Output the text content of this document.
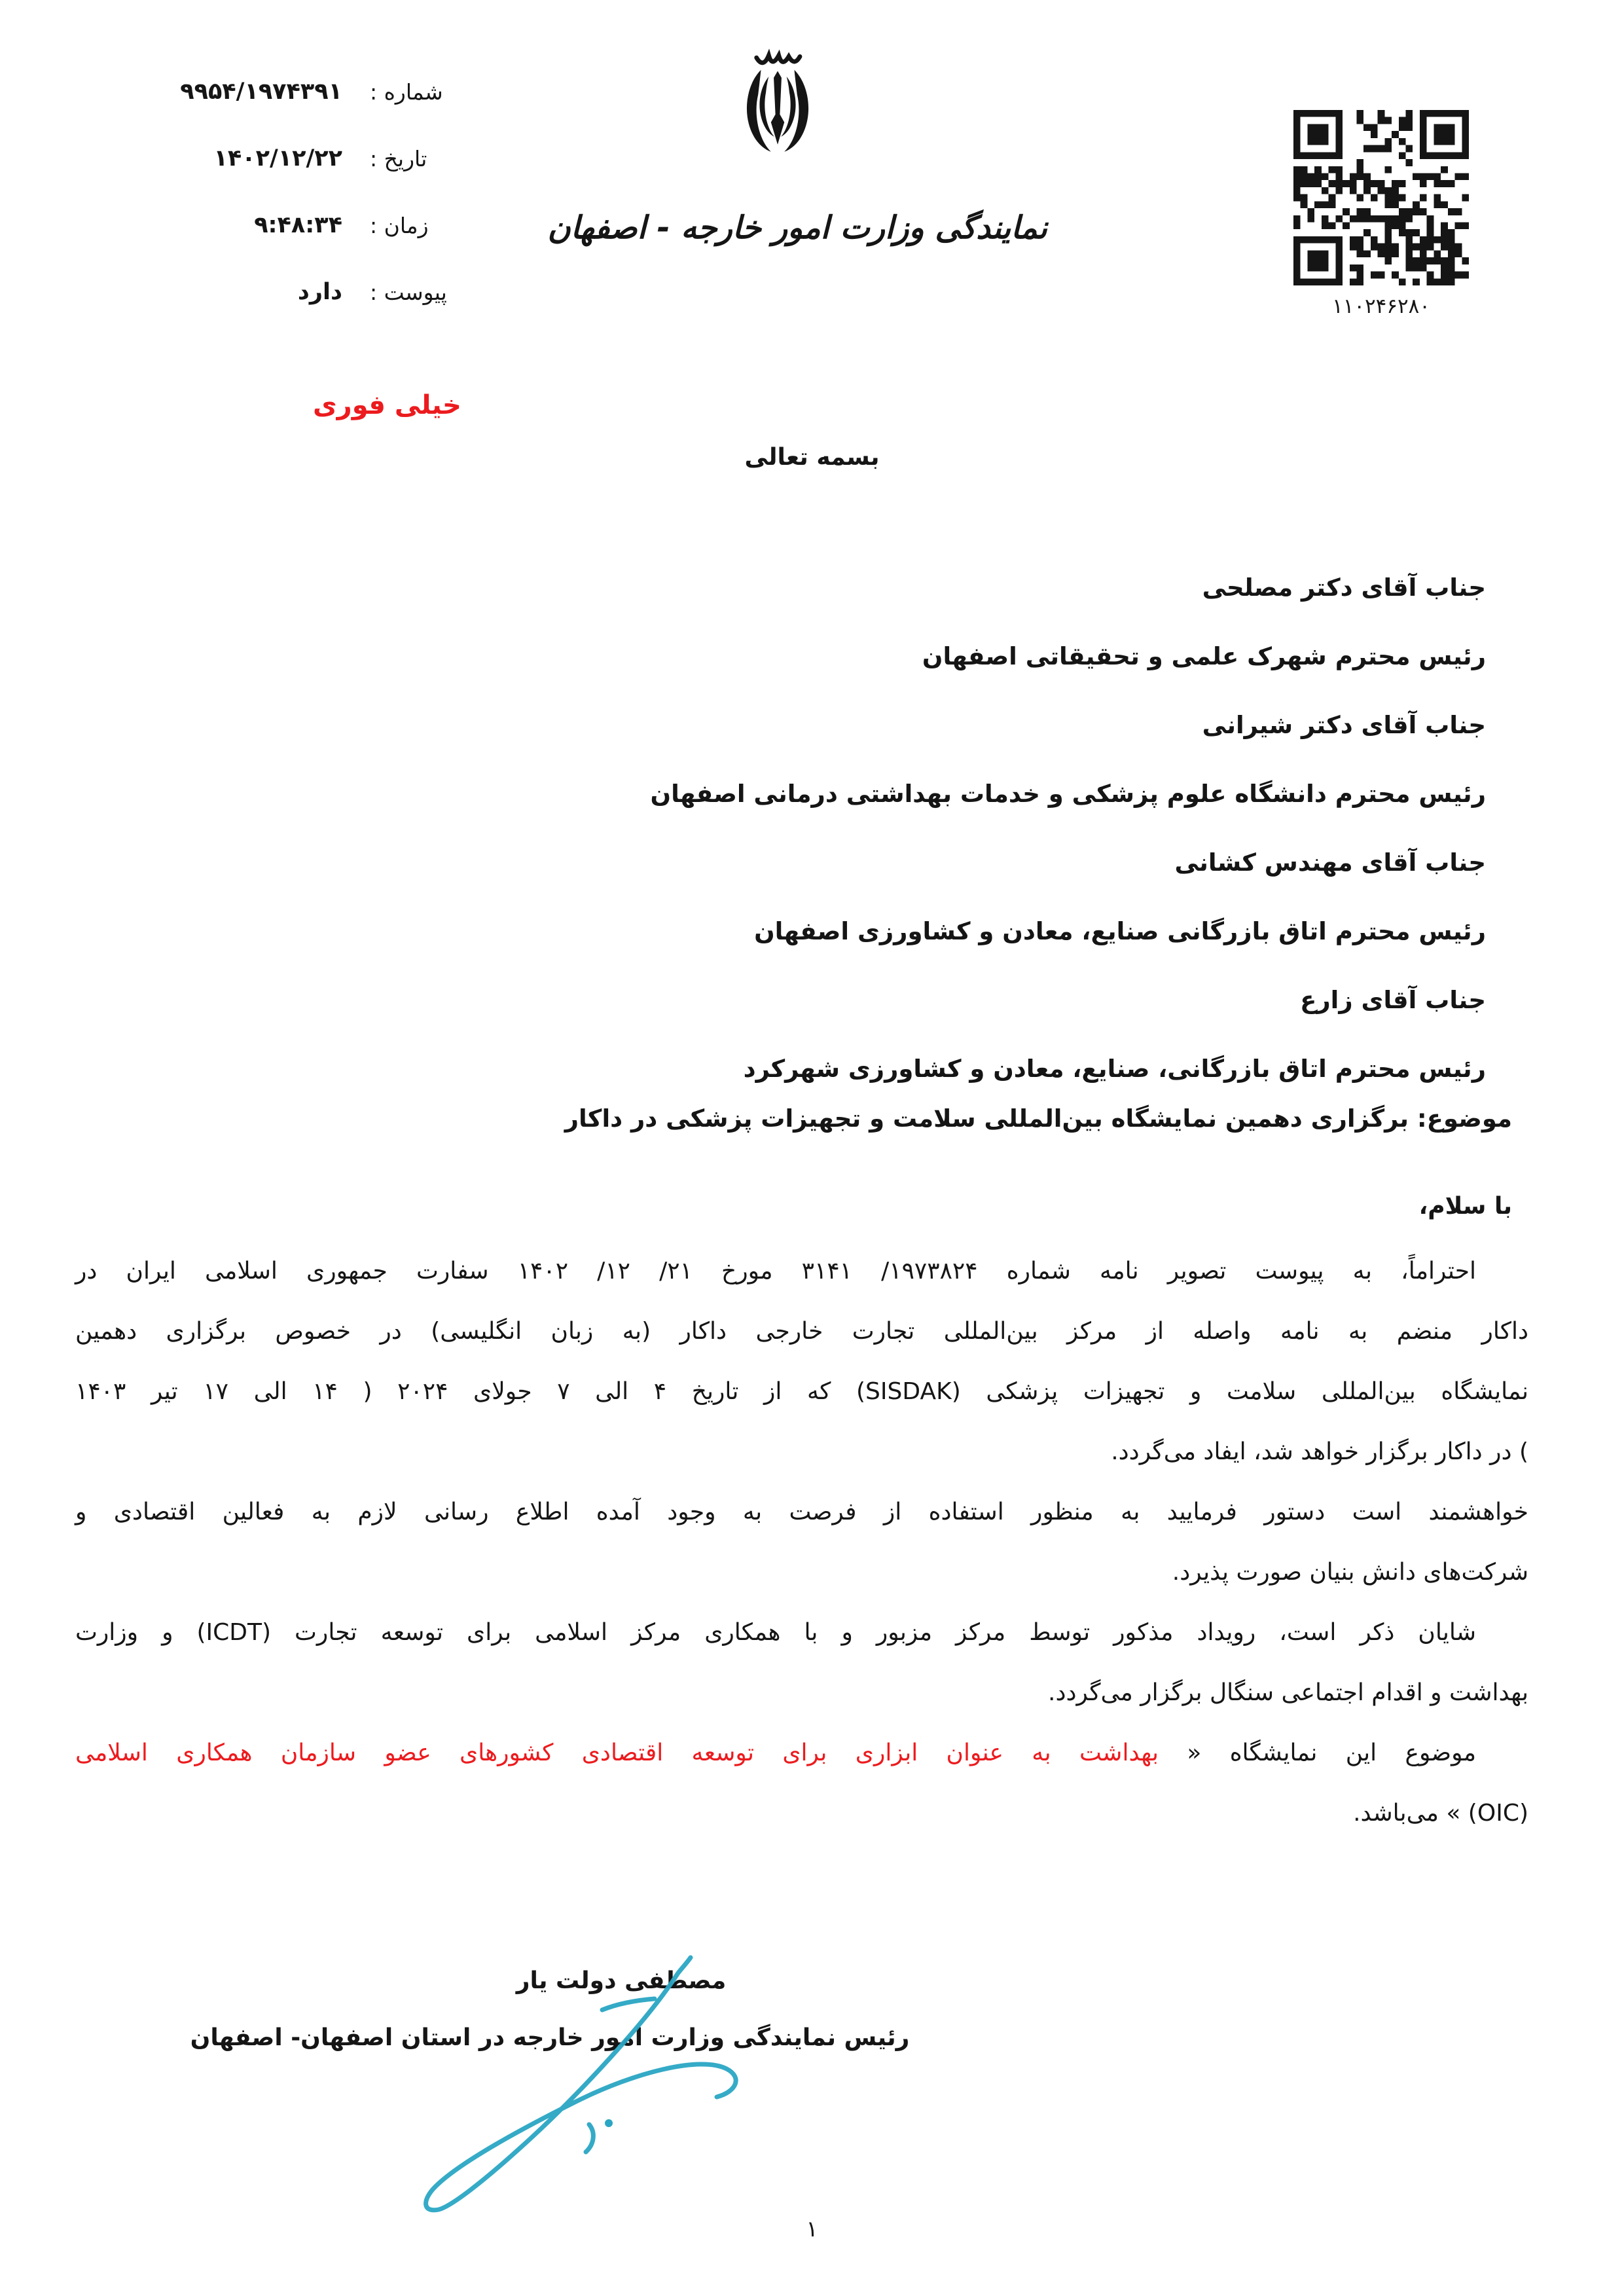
شماره :
۹۹۵۴/۱۹۷۴۳۹۱
تاریخ :
۱۴۰۲/۱۲/۲۲
زمان :
۹:۴۸:۳۴
پیوست :
دارد
نمایندگی وزارت امور خارجه - اصفهان
۱۱۰۲۴۶۲۸۰
خیلی فوری
بسمه تعالی
جناب آقای دکتر مصلحی
رئیس محترم شهرک علمی و تحقیقاتی اصفهان
جناب آقای دکتر شیرانی
رئیس محترم دانشگاه علوم پزشکی و خدمات بهداشتی درمانی اصفهان
جناب آقای مهندس کشانی
رئیس محترم اتاق بازرگانی صنایع، معادن و کشاورزی اصفهان
جناب آقای زارع
رئیس محترم اتاق بازرگانی، صنایع، معادن و کشاورزی شهرکرد
موضوع: برگزاری دهمین نمایشگاه بین‌المللی سلامت و تجهیزات پزشکی در داکار
با سلام،
احتراماً، به پیوست تصویر نامه شماره ۱۹۷۳۸۲۴/ ۳۱۴۱ مورخ ۲۱/ ۱۲/ ۱۴۰۲ سفارت جمهوری اسلامی ایران در
داکار منضم به نامه واصله از مرکز بین‌المللی تجارت خارجی داکار (به زبان انگلیسی) در خصوص برگزاری دهمین
نمایشگاه بین‌المللی سلامت و تجهیزات پزشکی (SISDAK) که از تاریخ ۴ الی ۷ جولای ۲۰۲۴ ( ۱۴ الی ۱۷ تیر ۱۴۰۳
) در داکار برگزار خواهد شد، ایفاد می‌گردد.
خواهشمند است دستور فرمایید به منظور استفاده از فرصت به وجود آمده اطلاع رسانی لازم به فعالین اقتصادی و
شرکت‌های دانش بنیان صورت پذیرد.
شایان ذکر است، رویداد مذکور توسط مرکز مزبور و با همکاری مرکز اسلامی برای توسعه تجارت (ICDT) و وزارت
بهداشت و اقدام اجتماعی سنگال برگزار می‌گردد.
موضوع این نمایشگاه « بهداشت به عنوان ابزاری برای توسعه اقتصادی کشورهای عضو سازمان همکاری اسلامی
(OIC) » می‌باشد.
مصطفی دولت یار
رئیس نمایندگی وزارت امور خارجه در استان اصفهان- اصفهان
۱
